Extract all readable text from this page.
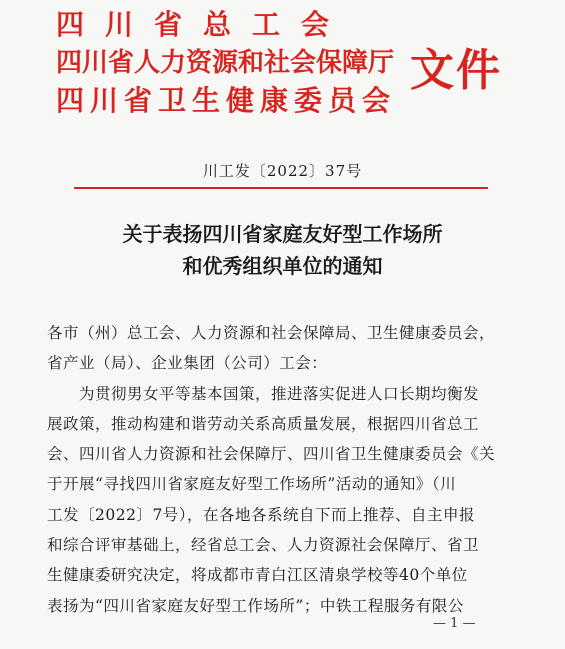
四川省总工会
四川省人力资源和社会保障厅
四川省卫生健康委员会
文件
川工发〔2022〕37号
关于表扬四川省家庭友好型工作场所
和优秀组织单位的通知
各市（州）总工会、人力资源和社会保障局、卫生健康委员会，
省产业（局）、企业集团（公司）工会：
为贯彻男女平等基本国策，推进落实促进人口长期均衡发
展政策，推动构建和谐劳动关系高质量发展，根据四川省总工
会、四川省人力资源和社会保障厅、四川省卫生健康委员会《关
于开展“寻找四川省家庭友好型工作场所”活动的通知》（川
工发〔2022〕7号），在各地各系统自下而上推荐、自主申报
和综合评审基础上，经省总工会、人力资源社会保障厅、省卫
生健康委研究决定，将成都市青白江区清泉学校等40个单位
表扬为“四川省家庭友好型工作场所”；中铁工程服务有限公
— 1 —
